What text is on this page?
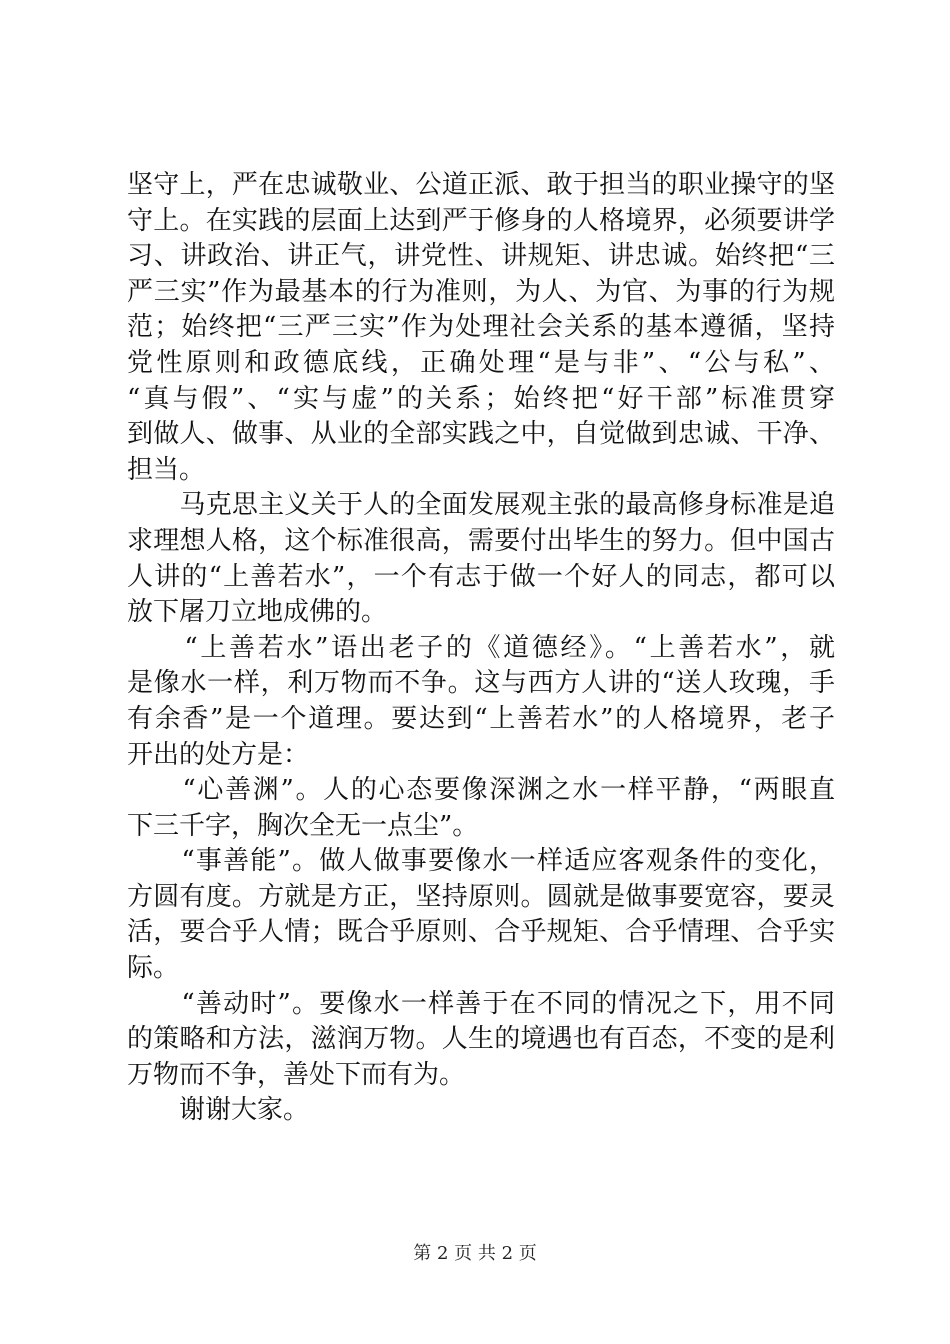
坚守上，严在忠诚敬业、公道正派、敢于担当的职业操守的坚
守上。在实践的层面上达到严于修身的人格境界，必须要讲学
习、讲政治、讲正气，讲党性、讲规矩、讲忠诚。始终把“三
严三实”作为最基本的行为准则，为人、为官、为事的行为规
范；始终把“三严三实”作为处理社会关系的基本遵循，坚持
党性原则和政德底线，正确处理“是与非”、“公与私”、
“真与假”、“实与虚”的关系；始终把“好干部”标准贯穿
到做人、做事、从业的全部实践之中，自觉做到忠诚、干净、
担当。
　　马克思主义关于人的全面发展观主张的最高修身标准是追
求理想人格，这个标准很高，需要付出毕生的努力。但中国古
人讲的“上善若水”，一个有志于做一个好人的同志，都可以
放下屠刀立地成佛的。
　　“上善若水”语出老子的《道德经》。“上善若水”，就
是像水一样，利万物而不争。这与西方人讲的“送人玫瑰，手
有余香”是一个道理。要达到“上善若水”的人格境界，老子
开出的处方是：
　　“心善渊”。人的心态要像深渊之水一样平静，“两眼直
下三千字，胸次全无一点尘”。
　　“事善能”。做人做事要像水一样适应客观条件的变化，
方圆有度。方就是方正，坚持原则。圆就是做事要宽容，要灵
活，要合乎人情；既合乎原则、合乎规矩、合乎情理、合乎实
际。
　　“善动时”。要像水一样善于在不同的情况之下，用不同
的策略和方法，滋润万物。人生的境遇也有百态，不变的是利
万物而不争，善处下而有为。
　　谢谢大家。
第 2 页 共 2 页
